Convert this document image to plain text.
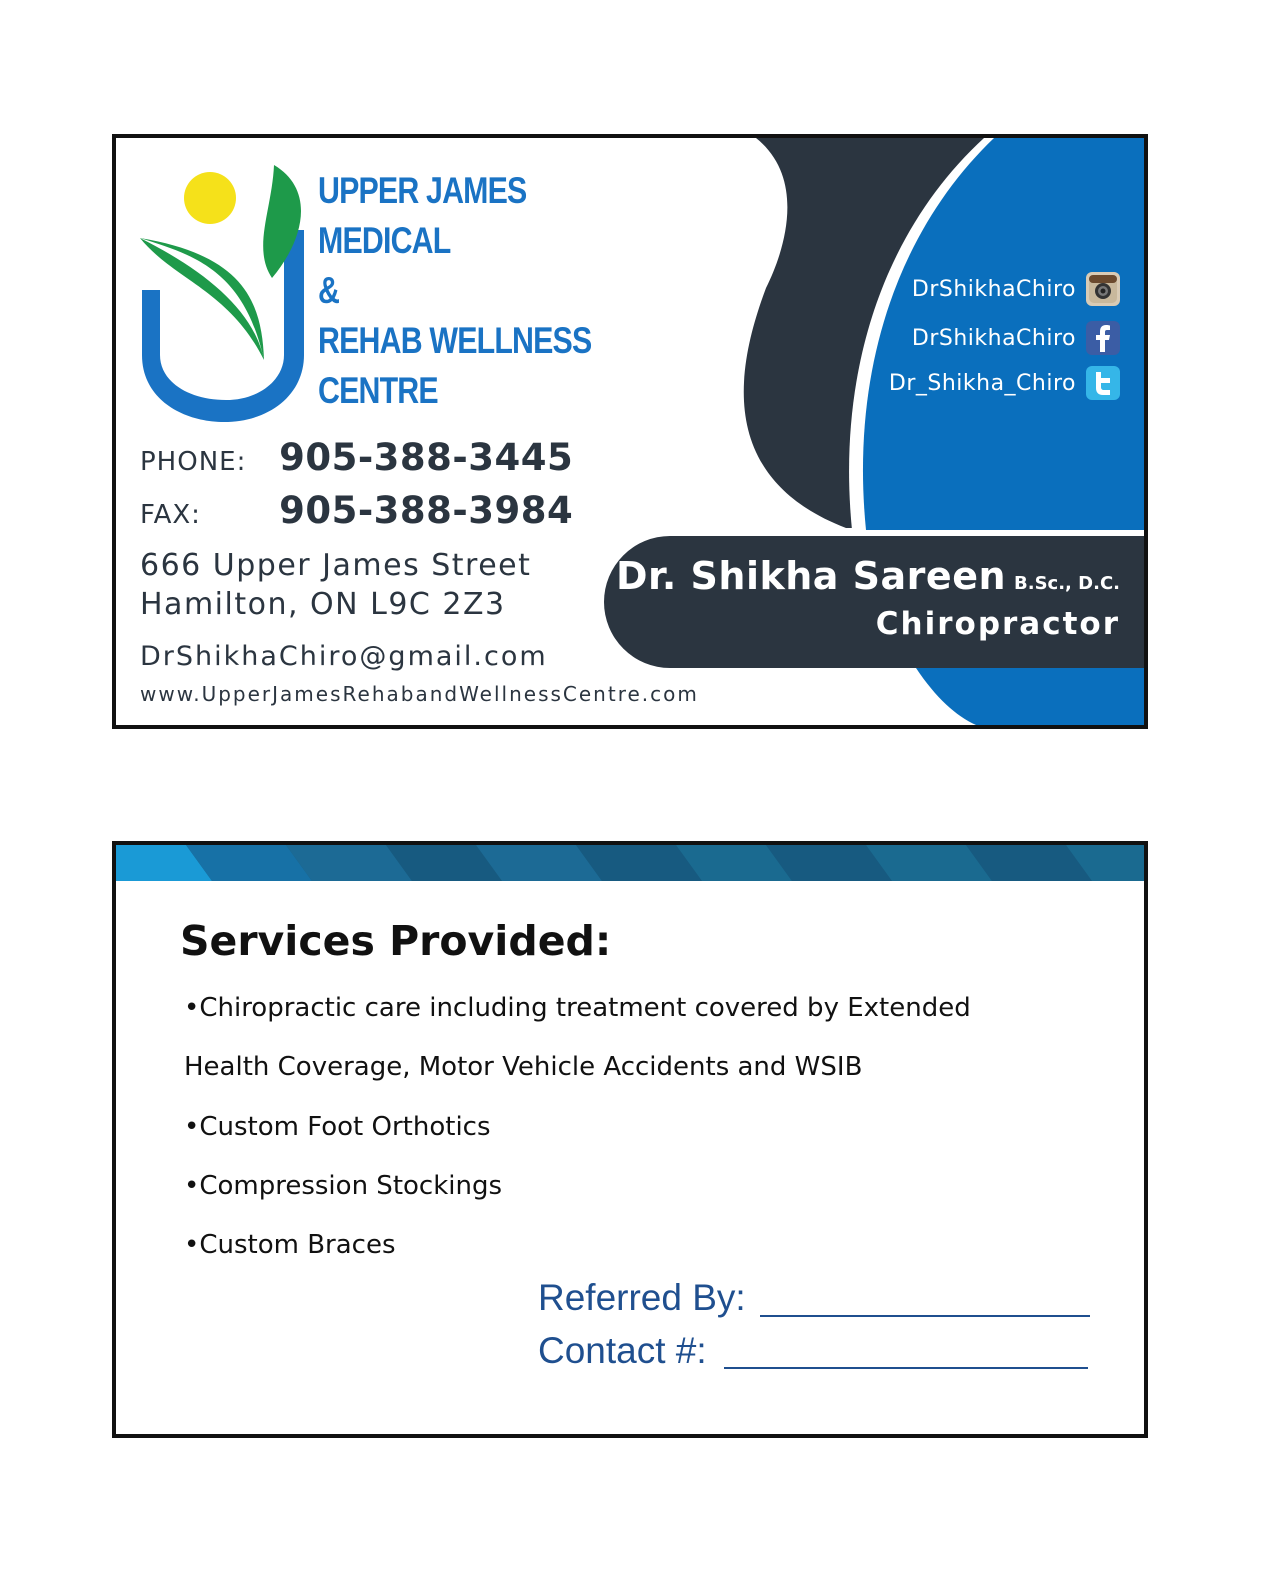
UPPER JAMES
MEDICAL
&
REHAB WELLNESS
CENTRE
PHONE: 905-388-3445
FAX: 905-388-3984
666 Upper James Street
Hamilton, ON L9C 2Z3
DrShikhaChiro@gmail.com
www.UpperJamesRehabandWellnessCentre.com
DrShikhaChiro
DrShikhaChiro
Dr_Shikha_Chiro
Dr. Shikha Sareen B.Sc., D.C.
Chiropractor
Services Provided:
•Chiropractic care including treatment covered by Extended
Health Coverage, Motor Vehicle Accidents and WSIB
•Custom Foot Orthotics
•Compression Stockings
•Custom Braces
Referred By:
Contact #:
